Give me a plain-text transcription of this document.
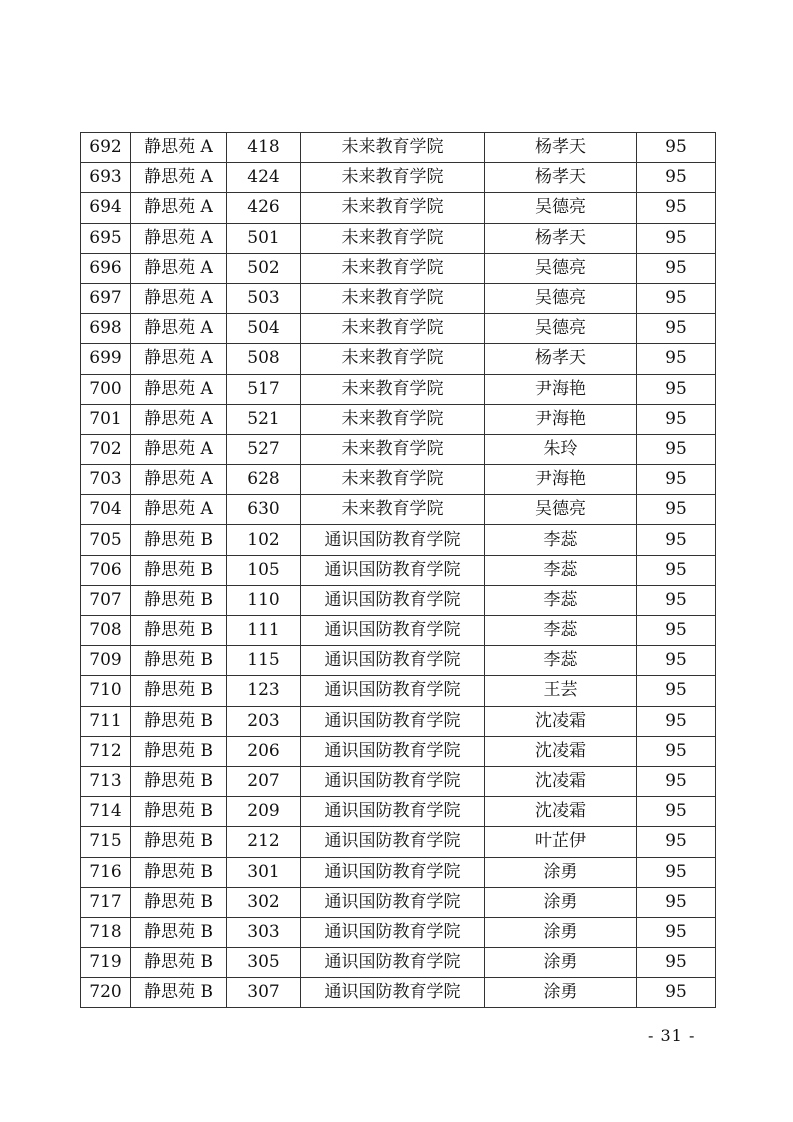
692	静思苑 A	418	未来教育学院	杨孝天	95
693	静思苑 A	424	未来教育学院	杨孝天	95
694	静思苑 A	426	未来教育学院	吴德亮	95
695	静思苑 A	501	未来教育学院	杨孝天	95
696	静思苑 A	502	未来教育学院	吴德亮	95
697	静思苑 A	503	未来教育学院	吴德亮	95
698	静思苑 A	504	未来教育学院	吴德亮	95
699	静思苑 A	508	未来教育学院	杨孝天	95
700	静思苑 A	517	未来教育学院	尹海艳	95
701	静思苑 A	521	未来教育学院	尹海艳	95
702	静思苑 A	527	未来教育学院	朱玲	95
703	静思苑 A	628	未来教育学院	尹海艳	95
704	静思苑 A	630	未来教育学院	吴德亮	95
705	静思苑 B	102	通识国防教育学院	李蕊	95
706	静思苑 B	105	通识国防教育学院	李蕊	95
707	静思苑 B	110	通识国防教育学院	李蕊	95
708	静思苑 B	111	通识国防教育学院	李蕊	95
709	静思苑 B	115	通识国防教育学院	李蕊	95
710	静思苑 B	123	通识国防教育学院	王芸	95
711	静思苑 B	203	通识国防教育学院	沈凌霜	95
712	静思苑 B	206	通识国防教育学院	沈凌霜	95
713	静思苑 B	207	通识国防教育学院	沈凌霜	95
714	静思苑 B	209	通识国防教育学院	沈凌霜	95
715	静思苑 B	212	通识国防教育学院	叶芷伊	95
716	静思苑 B	301	通识国防教育学院	涂勇	95
717	静思苑 B	302	通识国防教育学院	涂勇	95
718	静思苑 B	303	通识国防教育学院	涂勇	95
719	静思苑 B	305	通识国防教育学院	涂勇	95
720	静思苑 B	307	通识国防教育学院	涂勇	95
- 31 -
